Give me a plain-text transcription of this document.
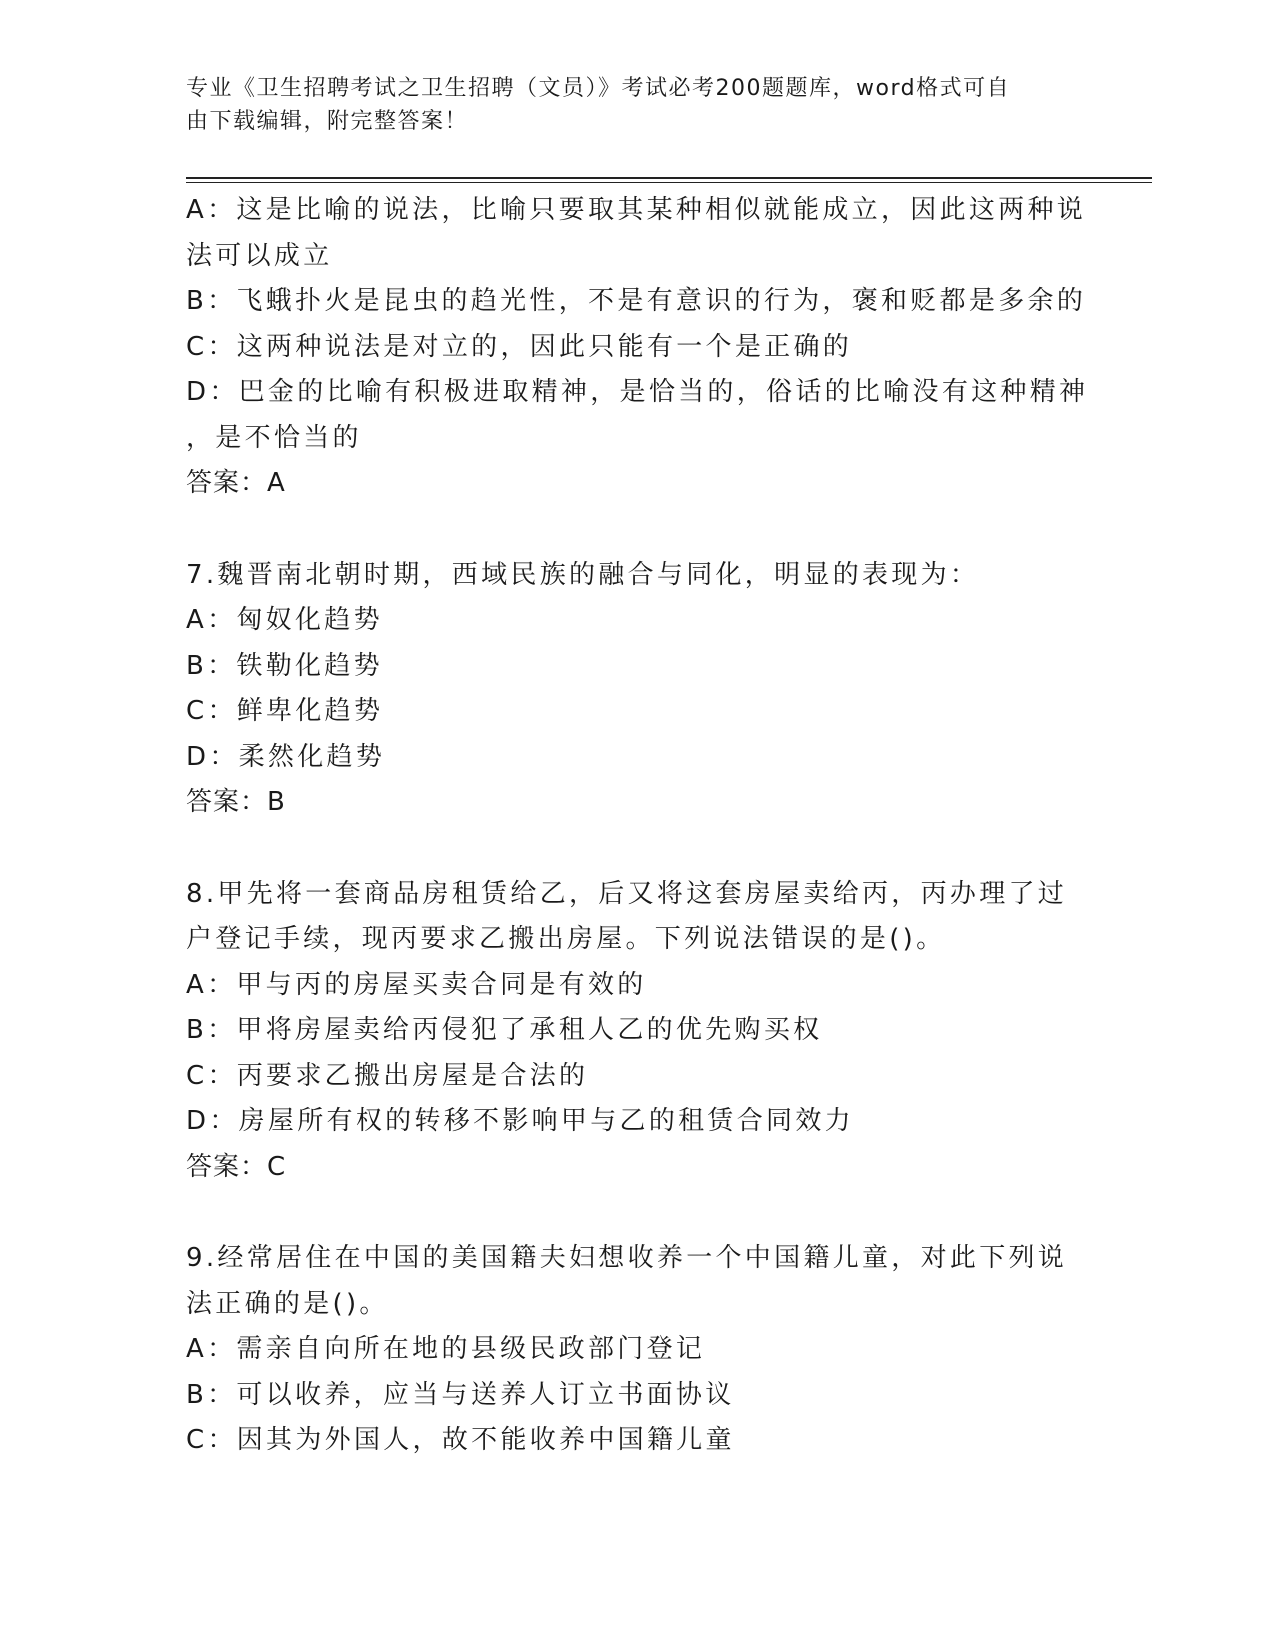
专业《卫生招聘考试之卫生招聘（文员）》考试必考200题题库，word格式可自
由下载编辑，附完整答案！
A：这是比喻的说法，比喻只要取其某种相似就能成立，因此这两种说
法可以成立
B：飞蛾扑火是昆虫的趋光性，不是有意识的行为，褒和贬都是多余的
C：这两种说法是对立的，因此只能有一个是正确的
D：巴金的比喻有积极进取精神，是恰当的，俗话的比喻没有这种精神
，是不恰当的
答案：A
7.魏晋南北朝时期，西域民族的融合与同化，明显的表现为：
A：匈奴化趋势
B：铁勒化趋势
C：鲜卑化趋势
D：柔然化趋势
答案：B
8.甲先将一套商品房租赁给乙，后又将这套房屋卖给丙，丙办理了过
户登记手续，现丙要求乙搬出房屋。下列说法错误的是()。
A：甲与丙的房屋买卖合同是有效的
B：甲将房屋卖给丙侵犯了承租人乙的优先购买权
C：丙要求乙搬出房屋是合法的
D：房屋所有权的转移不影响甲与乙的租赁合同效力
答案：C
9.经常居住在中国的美国籍夫妇想收养一个中国籍儿童，对此下列说
法正确的是()。
A：需亲自向所在地的县级民政部门登记
B：可以收养，应当与送养人订立书面协议
C：因其为外国人，故不能收养中国籍儿童
